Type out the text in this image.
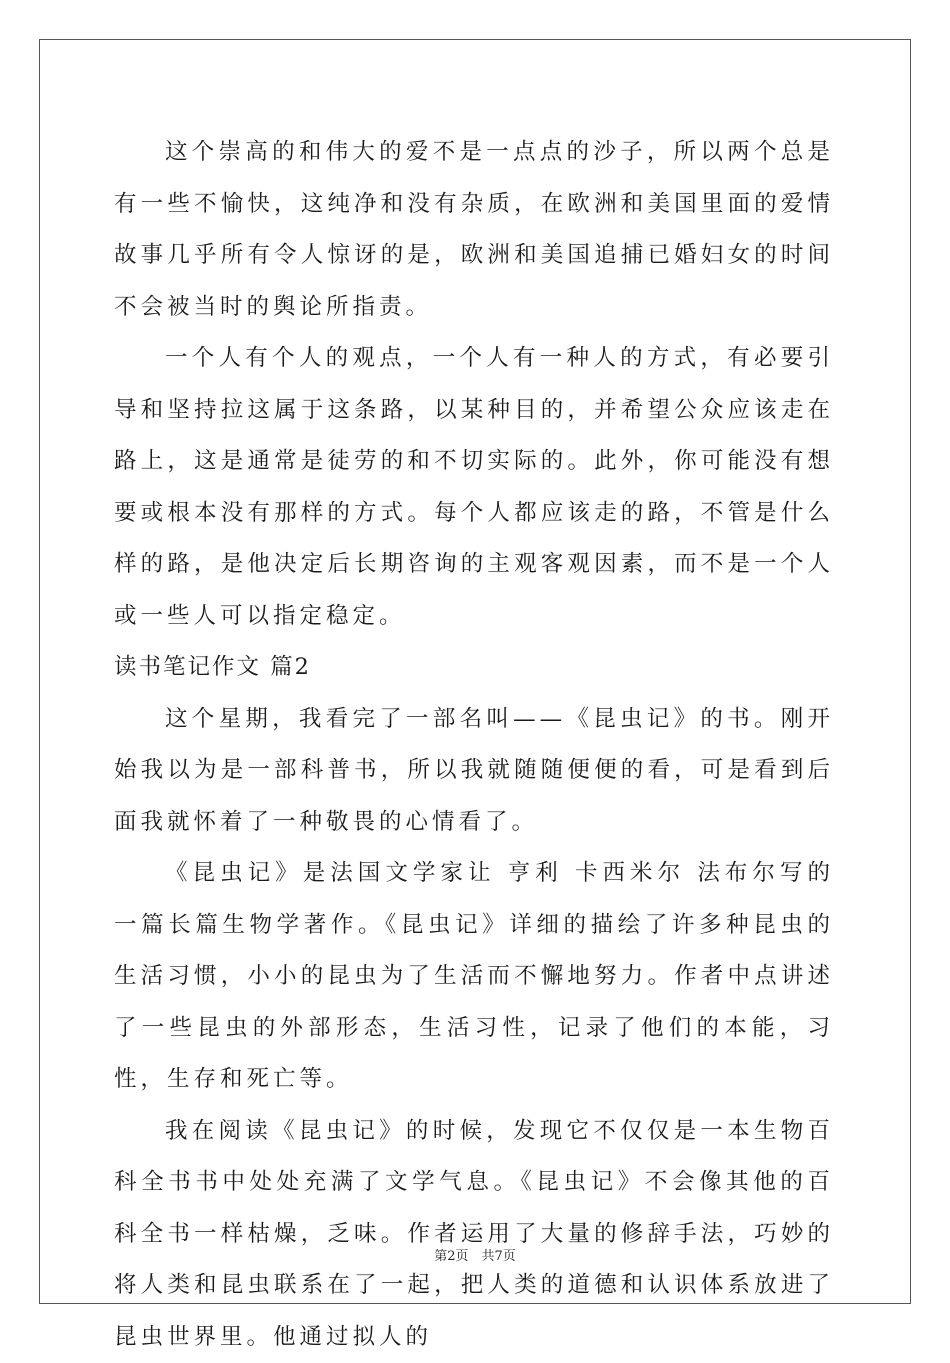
这个崇高的和伟大的爱不是一点点的沙子，所以两个总是有一些不愉快，这纯净和没有杂质，在欧洲和美国里面的爱情故事几乎所有令人惊讶的是，欧洲和美国追捕已婚妇女的时间不会被当时的舆论所指责。

一个人有个人的观点，一个人有一种人的方式，有必要引导和坚持拉这属于这条路，以某种目的，并希望公众应该走在路上，这是通常是徒劳的和不切实际的。此外，你可能没有想要或根本没有那样的方式。每个人都应该走的路，不管是什么样的路，是他决定后长期咨询的主观客观因素，而不是一个人或一些人可以指定稳定。

读书笔记作文 篇2

这个星期，我看完了一部名叫——《昆虫记》的书。刚开始我以为是一部科普书，所以我就随随便便的看，可是看到后面我就怀着了一种敬畏的心情看了。

《昆虫记》是法国文学家让 亨利 卡西米尔 法布尔写的一篇长篇生物学著作。《昆虫记》详细的描绘了许多种昆虫的生活习惯，小小的昆虫为了生活而不懈地努力。作者中点讲述了一些昆虫的外部形态，生活习性，记录了他们的本能，习性，生存和死亡等。

我在阅读《昆虫记》的时候，发现它不仅仅是一本生物百科全书书中处处充满了文学气息。《昆虫记》不会像其他的百科全书一样枯燥，乏味。作者运用了大量的修辞手法，巧妙的将人类和昆虫联系在了一起，把人类的道德和认识体系放进了昆虫世界里。他通过拟人的

第2页　共7页
